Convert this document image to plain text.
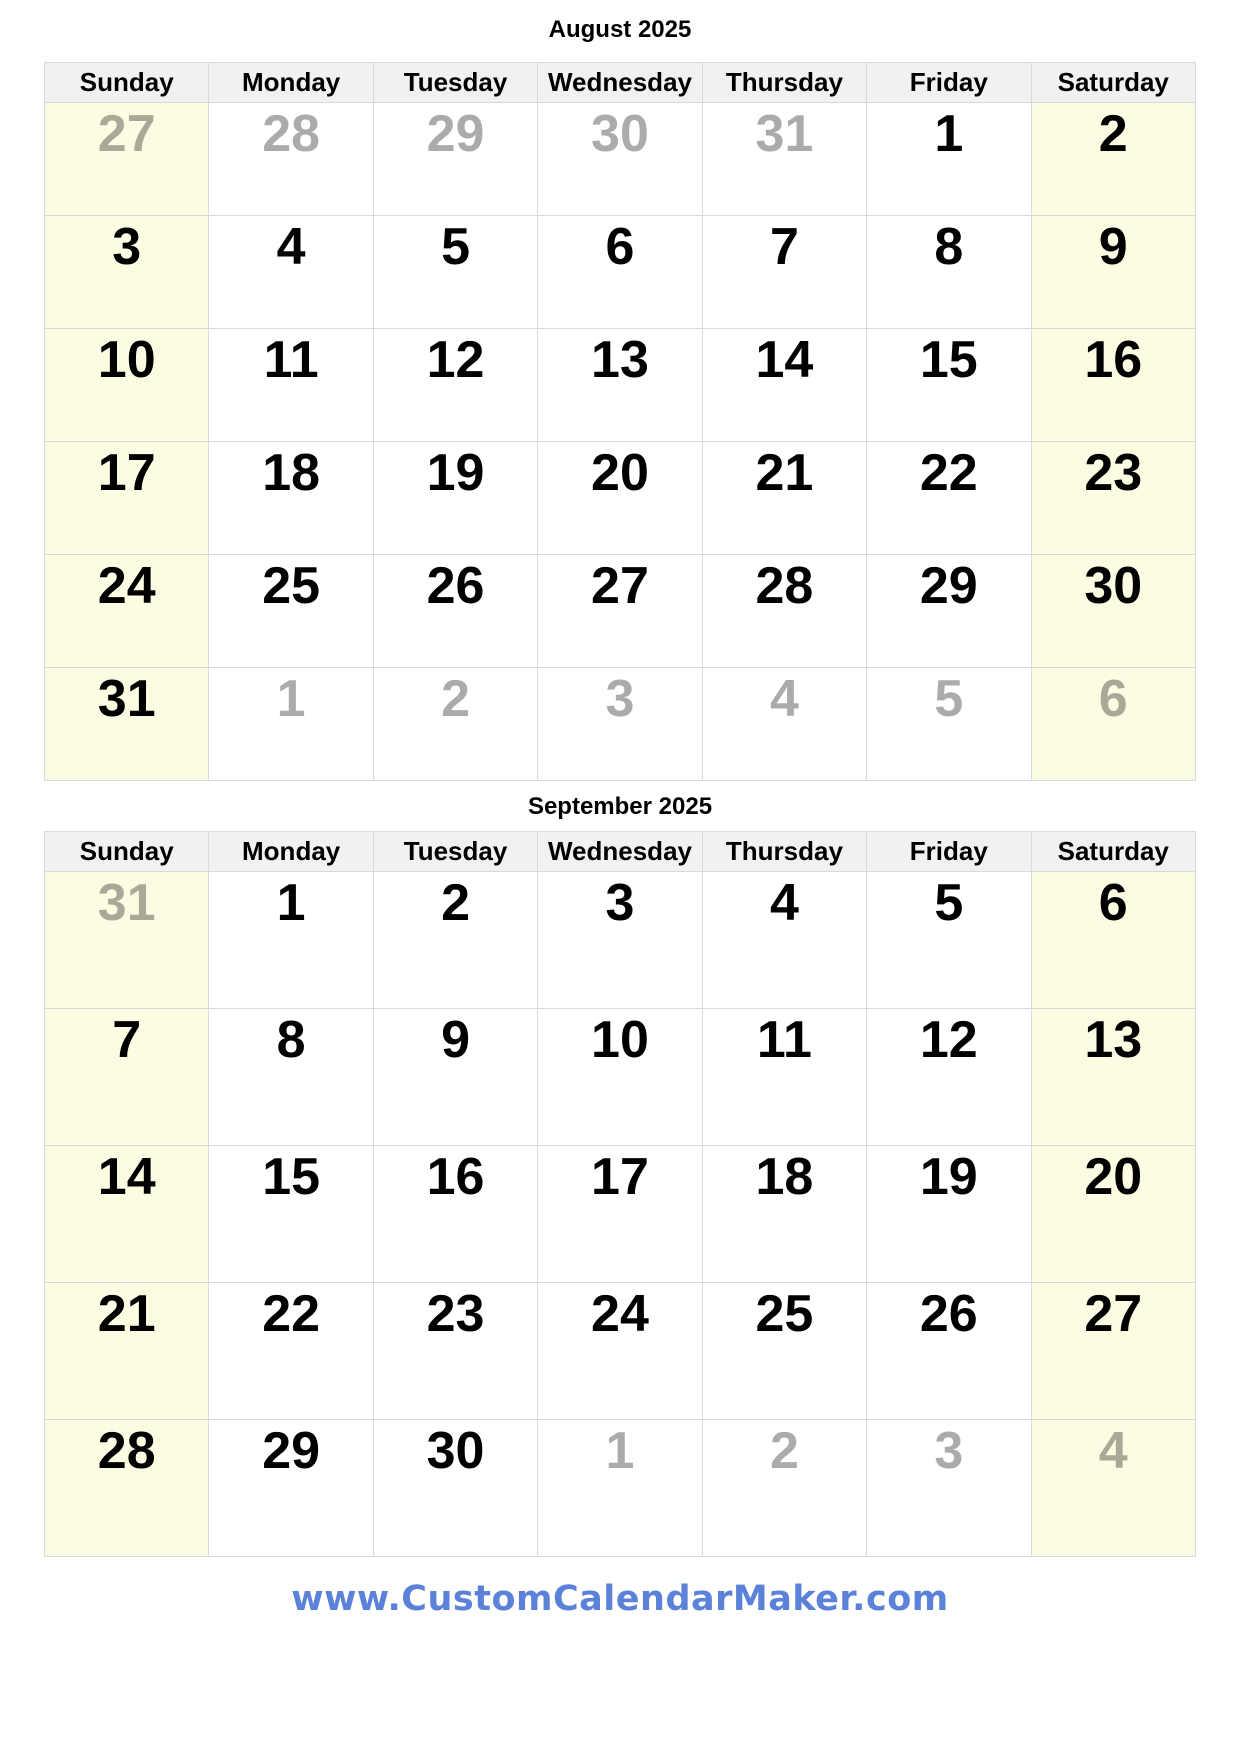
August 2025
Sunday	Monday	Tuesday	Wednesday	Thursday	Friday	Saturday
27	28	29	30	31	1	2
3	4	5	6	7	8	9
10	11	12	13	14	15	16
17	18	19	20	21	22	23
24	25	26	27	28	29	30
31	1	2	3	4	5	6
September 2025
Sunday	Monday	Tuesday	Wednesday	Thursday	Friday	Saturday
31	1	2	3	4	5	6
7	8	9	10	11	12	13
14	15	16	17	18	19	20
21	22	23	24	25	26	27
28	29	30	1	2	3	4
www.CustomCalendarMaker.com
